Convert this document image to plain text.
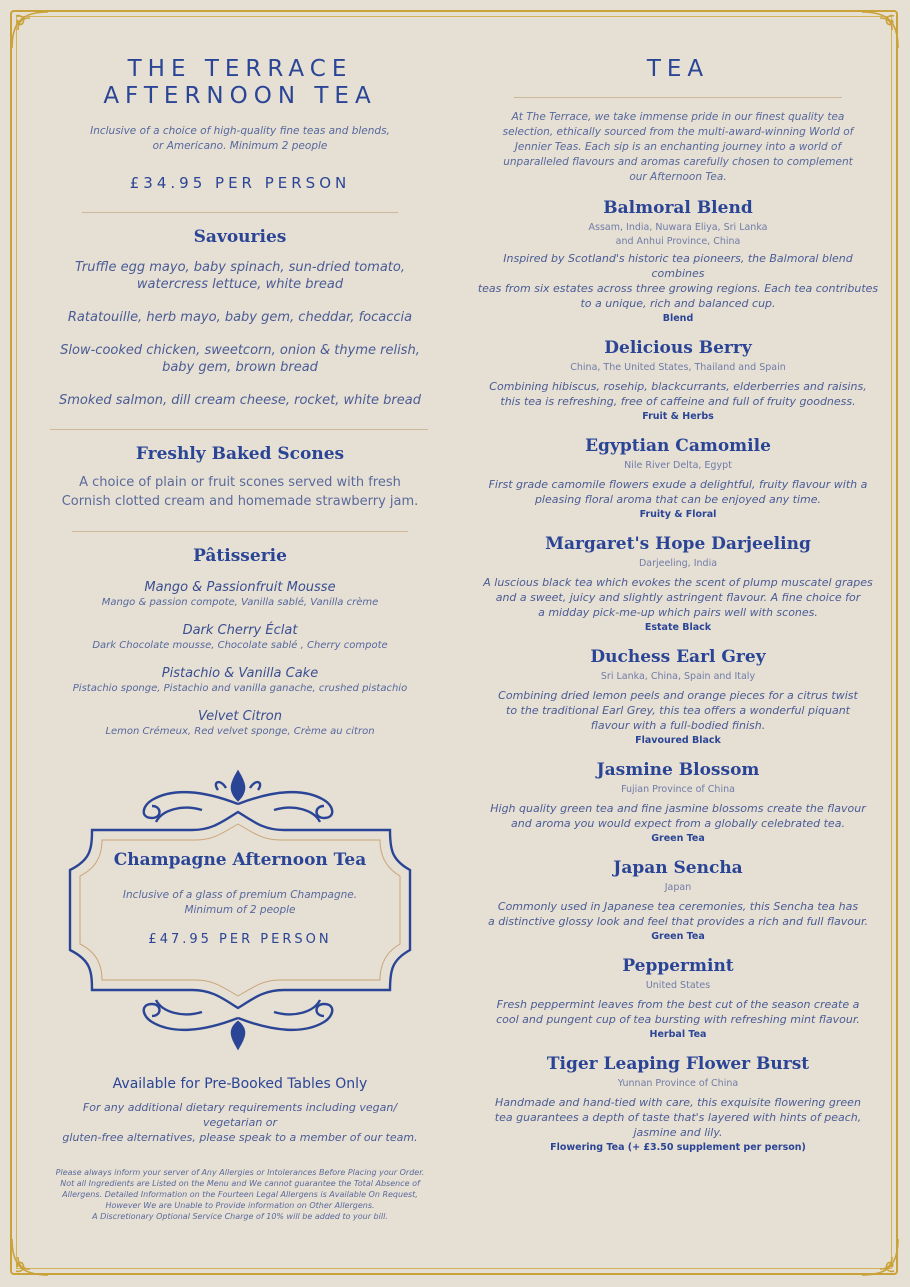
THE TERRACE
AFTERNOON TEA
Inclusive of a choice of high-quality fine teas and blends,
or Americano. Minimum 2 people
£34.95 PER PERSON
Savouries
Truffle egg mayo, baby spinach, sun-dried tomato,
watercress lettuce, white bread
Ratatouille, herb mayo, baby gem, cheddar, focaccia
Slow-cooked chicken, sweetcorn, onion & thyme relish,
baby gem, brown bread
Smoked salmon, dill cream cheese, rocket, white bread
Freshly Baked Scones
A choice of plain or fruit scones served with fresh
Cornish clotted cream and homemade strawberry jam.
Pâtisserie
Mango & Passionfruit Mousse
Mango & passion compote, Vanilla sablé, Vanilla crème
Dark Cherry Éclat
Dark Chocolate mousse, Chocolate sablé , Cherry compote
Pistachio & Vanilla Cake
Pistachio sponge, Pistachio and vanilla ganache, crushed pistachio
Velvet Citron
Lemon Crémeux, Red velvet sponge, Crème au citron
Champagne Afternoon Tea
Inclusive of a glass of premium Champagne.
Minimum of 2 people
£47.95 PER PERSON
Available for Pre-Booked Tables Only
For any additional dietary requirements including vegan/ vegetarian or
gluten-free alternatives, please speak to a member of our team.
Please always inform your server of Any Allergies or Intolerances Before Placing your Order.
Not all Ingredients are Listed on the Menu and We cannot guarantee the Total Absence of
Allergens. Detailed Information on the Fourteen Legal Allergens is Available On Request,
However We are Unable to Provide information on Other Allergens.
A Discretionary Optional Service Charge of 10% will be added to your bill.
TEA
At The Terrace, we take immense pride in our finest quality tea
selection, ethically sourced from the multi-award-winning World of
Jennier Teas. Each sip is an enchanting journey into a world of
unparalleled flavours and aromas carefully chosen to complement
our Afternoon Tea.
Balmoral Blend
Assam, India, Nuwara Eliya, Sri Lanka
and Anhui Province, China
Inspired by Scotland's historic tea pioneers, the Balmoral blend combines
teas from six estates across three growing regions. Each tea contributes
to a unique, rich and balanced cup.
Blend
Delicious Berry
China, The United States, Thailand and Spain
Combining hibiscus, rosehip, blackcurrants, elderberries and raisins,
this tea is refreshing, free of caffeine and full of fruity goodness.
Fruit & Herbs
Egyptian Camomile
Nile River Delta, Egypt
First grade camomile flowers exude a delightful, fruity flavour with a
pleasing floral aroma that can be enjoyed any time.
Fruity & Floral
Margaret's Hope Darjeeling
Darjeeling, India
A luscious black tea which evokes the scent of plump muscatel grapes
and a sweet, juicy and slightly astringent flavour. A fine choice for
a midday pick-me-up which pairs well with scones.
Estate Black
Duchess Earl Grey
Sri Lanka, China, Spain and Italy
Combining dried lemon peels and orange pieces for a citrus twist
to the traditional Earl Grey, this tea offers a wonderful piquant
flavour with a full-bodied finish.
Flavoured Black
Jasmine Blossom
Fujian Province of China
High quality green tea and fine jasmine blossoms create the flavour
and aroma you would expect from a globally celebrated tea.
Green Tea
Japan Sencha
Japan
Commonly used in Japanese tea ceremonies, this Sencha tea has
a distinctive glossy look and feel that provides a rich and full flavour.
Green Tea
Peppermint
United States
Fresh peppermint leaves from the best cut of the season create a
cool and pungent cup of tea bursting with refreshing mint flavour.
Herbal Tea
Tiger Leaping Flower Burst
Yunnan Province of China
Handmade and hand-tied with care, this exquisite flowering green
tea guarantees a depth of taste that's layered with hints of peach,
jasmine and lily.
Flowering Tea (+ £3.50 supplement per person)
